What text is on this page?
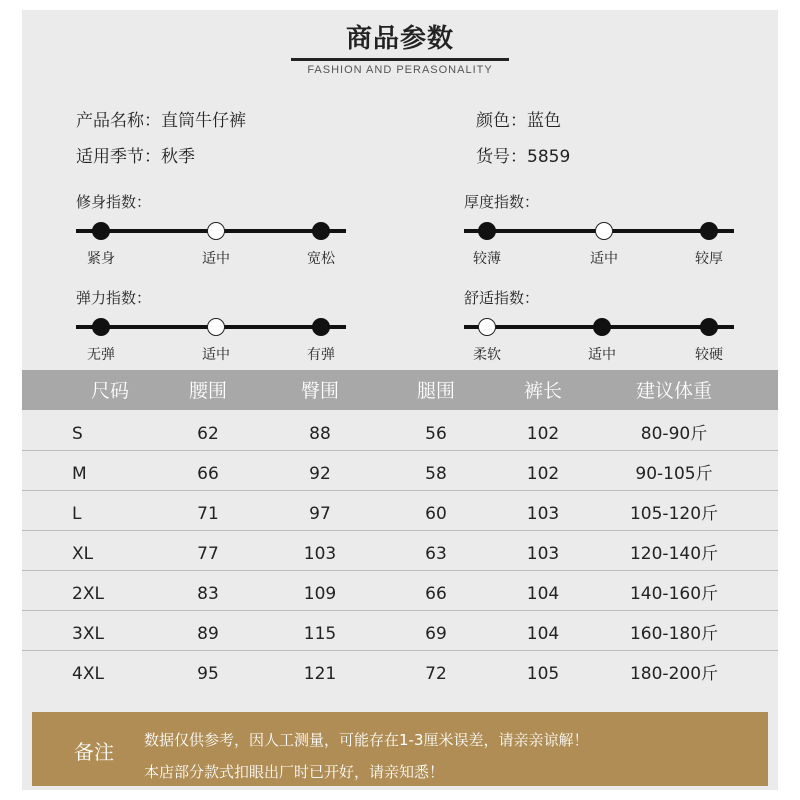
商品参数
FASHION AND PERASONALITY
产品名称：直筒牛仔裤	颜色：蓝色
适用季节：秋季	货号：5859
修身指数：
紧身	适中	宽松
厚度指数：
较薄	适中	较厚
弹力指数：
无弹	适中	有弹
舒适指数：
柔软	适中	较硬
尺码	腰围	臀围	腿围	裤长	建议体重
S	62	88	56	102	80-90斤
M	66	92	58	102	90-105斤
L	71	97	60	103	105-120斤
XL	77	103	63	103	120-140斤
2XL	83	109	66	104	140-160斤
3XL	89	115	69	104	160-180斤
4XL	95	121	72	105	180-200斤
备注 数据仅供参考，因人工测量，可能存在1-3厘米误差，请亲亲谅解！
本店部分款式扣眼出厂时已开好，请亲知悉！
